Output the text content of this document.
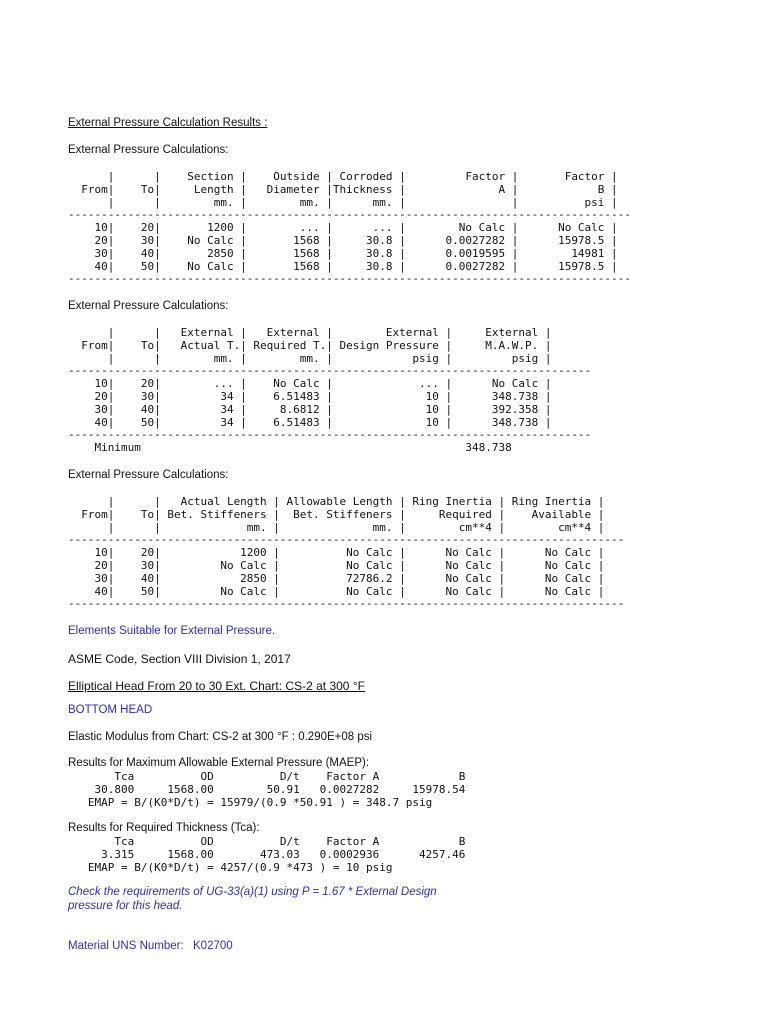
External Pressure Calculation Results :
External Pressure Calculations:
|      |    Section |    Outside | Corroded |         Factor |       Factor |
From|    To|     Length |   Diameter |Thickness |              A |            B |
|      |        mm. |        mm. |      mm. |                |          psi |
-------------------------------------------------------------------------------------
10|    20|       1200 |        ... |      ... |        No Calc |      No Calc |
20|    30|    No Calc |       1568 |     30.8 |      0.0027282 |      15978.5 |
30|    40|       2850 |       1568 |     30.8 |      0.0019595 |        14981 |
40|    50|    No Calc |       1568 |     30.8 |      0.0027282 |      15978.5 |
-------------------------------------------------------------------------------------
External Pressure Calculations:
|      |   External |   External |        External |     External |
From|    To|   Actual T.| Required T.| Design Pressure |     M.A.W.P. |
|      |        mm. |        mm. |            psig |         psig |
-------------------------------------------------------------------------------
10|    20|        ... |    No Calc |             ... |      No Calc |
20|    30|         34 |    6.51483 |              10 |      348.738 |
30|    40|         34 |     8.6812 |              10 |      392.358 |
40|    50|         34 |    6.51483 |              10 |      348.738 |
-------------------------------------------------------------------------------
Minimum                                                 348.738
External Pressure Calculations:
|      |   Actual Length | Allowable Length | Ring Inertia | Ring Inertia |
From|    To| Bet. Stiffeners |  Bet. Stiffeners |     Required |    Available |
|      |             mm. |              mm. |        cm**4 |        cm**4 |
------------------------------------------------------------------------------------
10|    20|            1200 |          No Calc |      No Calc |      No Calc |
20|    30|         No Calc |          No Calc |      No Calc |      No Calc |
30|    40|            2850 |          72786.2 |      No Calc |      No Calc |
40|    50|         No Calc |          No Calc |      No Calc |      No Calc |
------------------------------------------------------------------------------------
Elements Suitable for External Pressure.
ASME Code, Section VIII Division 1, 2017
Elliptical Head From 20 to 30 Ext. Chart: CS-2 at 300 °F
BOTTOM HEAD
Elastic Modulus from Chart: CS-2 at 300 °F : 0.290E+08 psi
Results for Maximum Allowable External Pressure (MAEP):
Tca          OD          D/t    Factor A            B
30.800     1568.00        50.91   0.0027282     15978.54
EMAP = B/(K0*D/t) = 15979/(0.9 *50.91 ) = 348.7 psig
Results for Required Thickness (Tca):
Tca          OD          D/t    Factor A            B
3.315     1568.00       473.03   0.0002936      4257.46
EMAP = B/(K0*D/t) = 4257/(0.9 *473 ) = 10 psig
Check the requirements of UG-33(a)(1) using P = 1.67 * External Design
pressure for this head.
Material UNS Number: K02700
